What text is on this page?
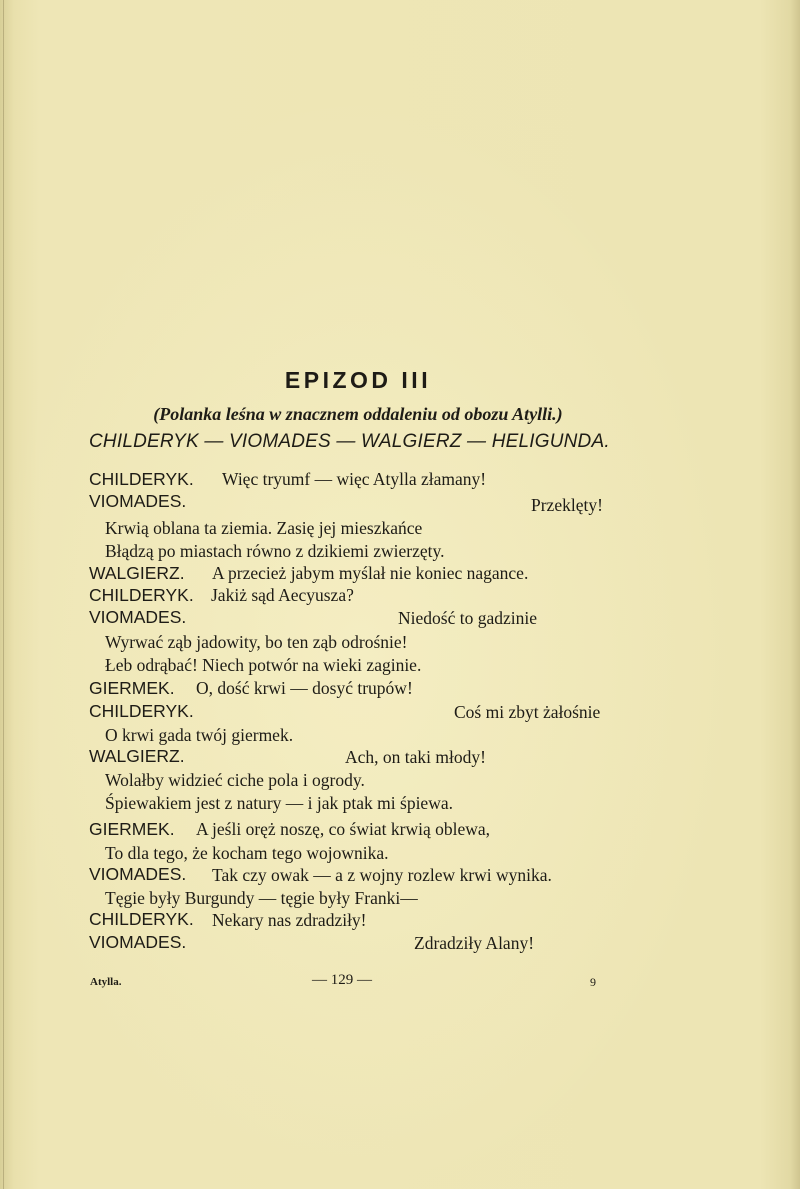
EPIZOD III
(Polanka leśna w znacznem oddaleniu od obozu Atylli.)
CHILDERYK — VIOMADES — WALGIERZ — HELIGUNDA.
CHILDERYK. Więc tryumf — więc Atylla złamany!
VIOMADES.	Przeklęty!
Krwią oblana ta ziemia. Zasię jej mieszkańce
Błądzą po miastach równo z dzikiemi zwierzęty.
WALGIERZ. A przecież jabym myślał nie koniec nagance.
CHILDERYK. Jakiż sąd Aecyusza?
VIOMADES.	Niedość to gadzinie
Wyrwać ząb jadowity, bo ten ząb odrośnie!
Łeb odrąbać! Niech potwór na wieki zaginie.
GIERMEK. O, dość krwi — dosyć trupów!
CHILDERYK.	Coś mi zbyt żałośnie
O krwi gada twój giermek.
WALGIERZ.	Ach, on taki młody!
Wolałby widzieć ciche pola i ogrody.
Śpiewakiem jest z natury — i jak ptak mi śpiewa.
GIERMEK. A jeśli oręż noszę, co świat krwią oblewa,
To dla tego, że kocham tego wojownika.
VIOMADES. Tak czy owak — a z wojny rozlew krwi wynika.
Tęgie były Burgundy — tęgie były Franki—
CHILDERYK. Nekary nas zdradziły!
VIOMADES.	Zdradziły Alany!
Atylla.	— 129 —	9
